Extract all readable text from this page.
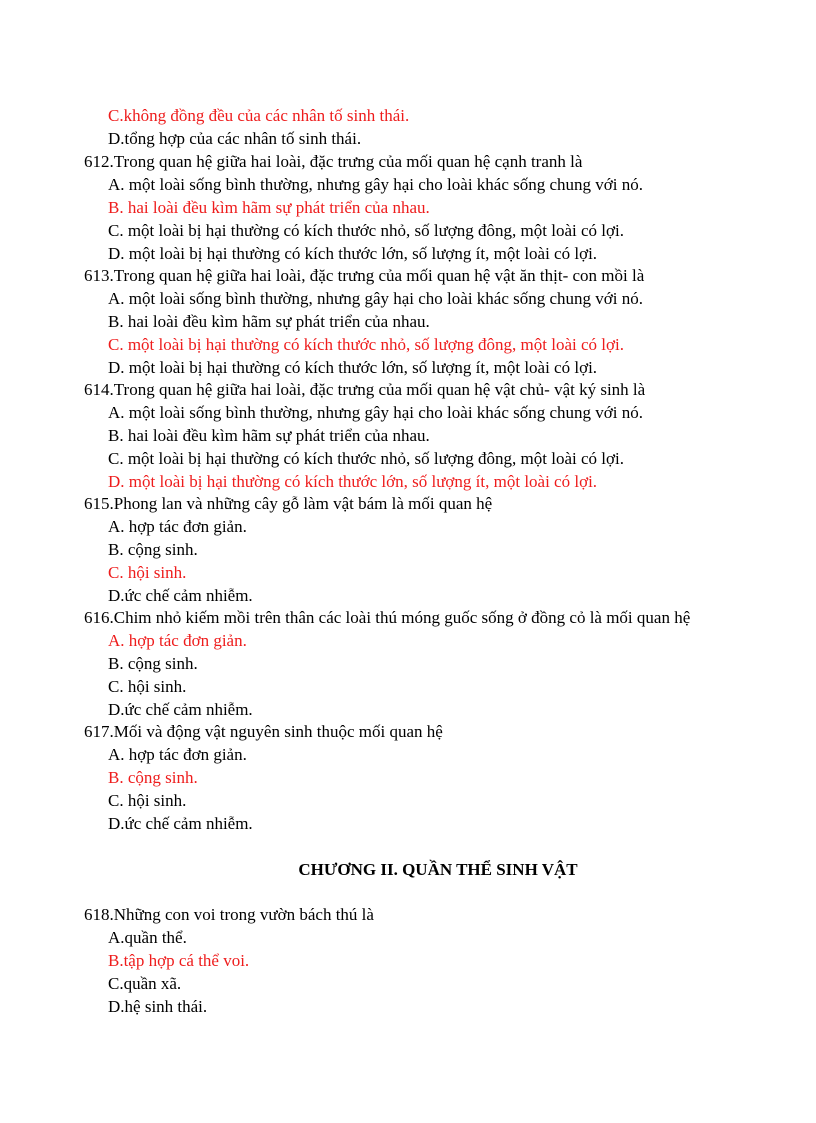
C.không đồng đều của các nhân tố sinh thái.
D.tổng hợp của các nhân tố sinh thái.
612.Trong quan hệ giữa hai loài, đặc trưng của mối quan hệ cạnh tranh là
A. một loài sống bình thường, nhưng gây hại cho loài khác sống chung với nó.
B. hai loài đều kìm hãm sự phát triển của nhau.
C. một loài bị hại thường có kích thước nhỏ, số lượng đông, một loài có lợi.
D. một loài bị hại thường có kích thước lớn, số lượng ít, một loài có lợi.
613.Trong quan hệ giữa hai loài, đặc trưng của mối quan hệ vật ăn thịt- con mồi là
A. một loài sống bình thường, nhưng gây hại cho loài khác sống chung với nó.
B. hai loài đều kìm hãm sự phát triển của nhau.
C. một loài bị hại thường có kích thước nhỏ, số lượng đông, một loài có lợi.
D. một loài bị hại thường có kích thước lớn, số lượng ít, một loài có lợi.
614.Trong quan hệ giữa hai loài, đặc trưng của mối quan hệ vật chủ- vật ký sinh là
A. một loài sống bình thường, nhưng gây hại cho loài khác sống chung với nó.
B. hai loài đều kìm hãm sự phát triển của nhau.
C. một loài bị hại thường có kích thước nhỏ, số lượng đông, một loài có lợi.
D. một loài bị hại thường có kích thước lớn, số lượng ít, một loài có lợi.
615.Phong lan và những cây gỗ làm vật bám là mối quan hệ
A. hợp tác đơn giản.
B. cộng sinh.
C. hội sinh.
D.ức chế cảm nhiễm.
616.Chim nhỏ kiếm mồi trên thân các loài thú móng guốc sống ở đồng cỏ là mối quan hệ
A. hợp tác đơn giản.
B. cộng sinh.
C. hội sinh.
D.ức chế cảm nhiễm.
617.Mối và động vật nguyên sinh thuộc mối quan hệ
A. hợp tác đơn giản.
B. cộng sinh.
C. hội sinh.
D.ức chế cảm nhiễm.
CHƯƠNG II. QUẦN THỂ SINH VẬT
618.Những con voi trong vườn bách thú là
A.quần thể.
B.tập hợp cá thể voi.
C.quần xã.
D.hệ sinh thái.
